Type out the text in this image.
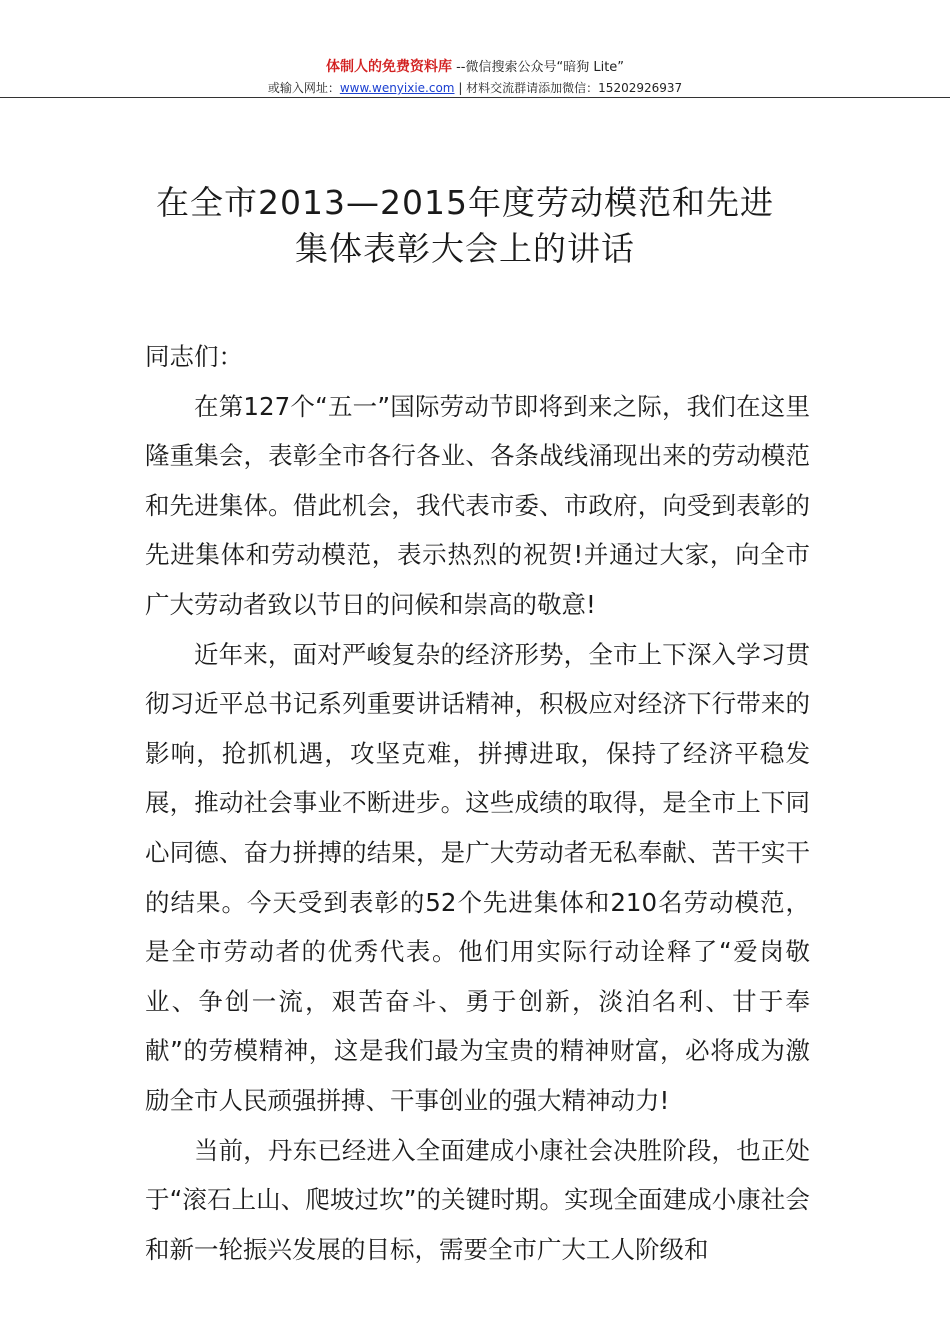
体制人的免费资料库 --微信搜索公众号“暗狗 Lite”
或输入网址：www.wenyixie.com | 材料交流群请添加微信：15202926937
在全市2013—2015年度劳动模范和先进
集体表彰大会上的讲话

同志们：

在第127个“五一”国际劳动节即将到来之际，我们在这里隆重集会，表彰全市各行各业、各条战线涌现出来的劳动模范和先进集体。借此机会，我代表市委、市政府，向受到表彰的先进集体和劳动模范，表示热烈的祝贺!并通过大家，向全市广大劳动者致以节日的问候和崇高的敬意!

近年来，面对严峻复杂的经济形势，全市上下深入学习贯彻习近平总书记系列重要讲话精神，积极应对经济下行带来的影响，抢抓机遇，攻坚克难，拼搏进取，保持了经济平稳发展，推动社会事业不断进步。这些成绩的取得，是全市上下同心同德、奋力拼搏的结果，是广大劳动者无私奉献、苦干实干的结果。今天受到表彰的52个先进集体和210名劳动模范，是全市劳动者的优秀代表。他们用实际行动诠释了“爱岗敬业、争创一流，艰苦奋斗、勇于创新，淡泊名利、甘于奉献”的劳模精神，这是我们最为宝贵的精神财富，必将成为激励全市人民顽强拼搏、干事创业的强大精神动力!

当前，丹东已经进入全面建成小康社会决胜阶段，也正处于“滚石上山、爬坡过坎”的关键时期。实现全面建成小康社会和新一轮振兴发展的目标，需要全市广大工人阶级和
